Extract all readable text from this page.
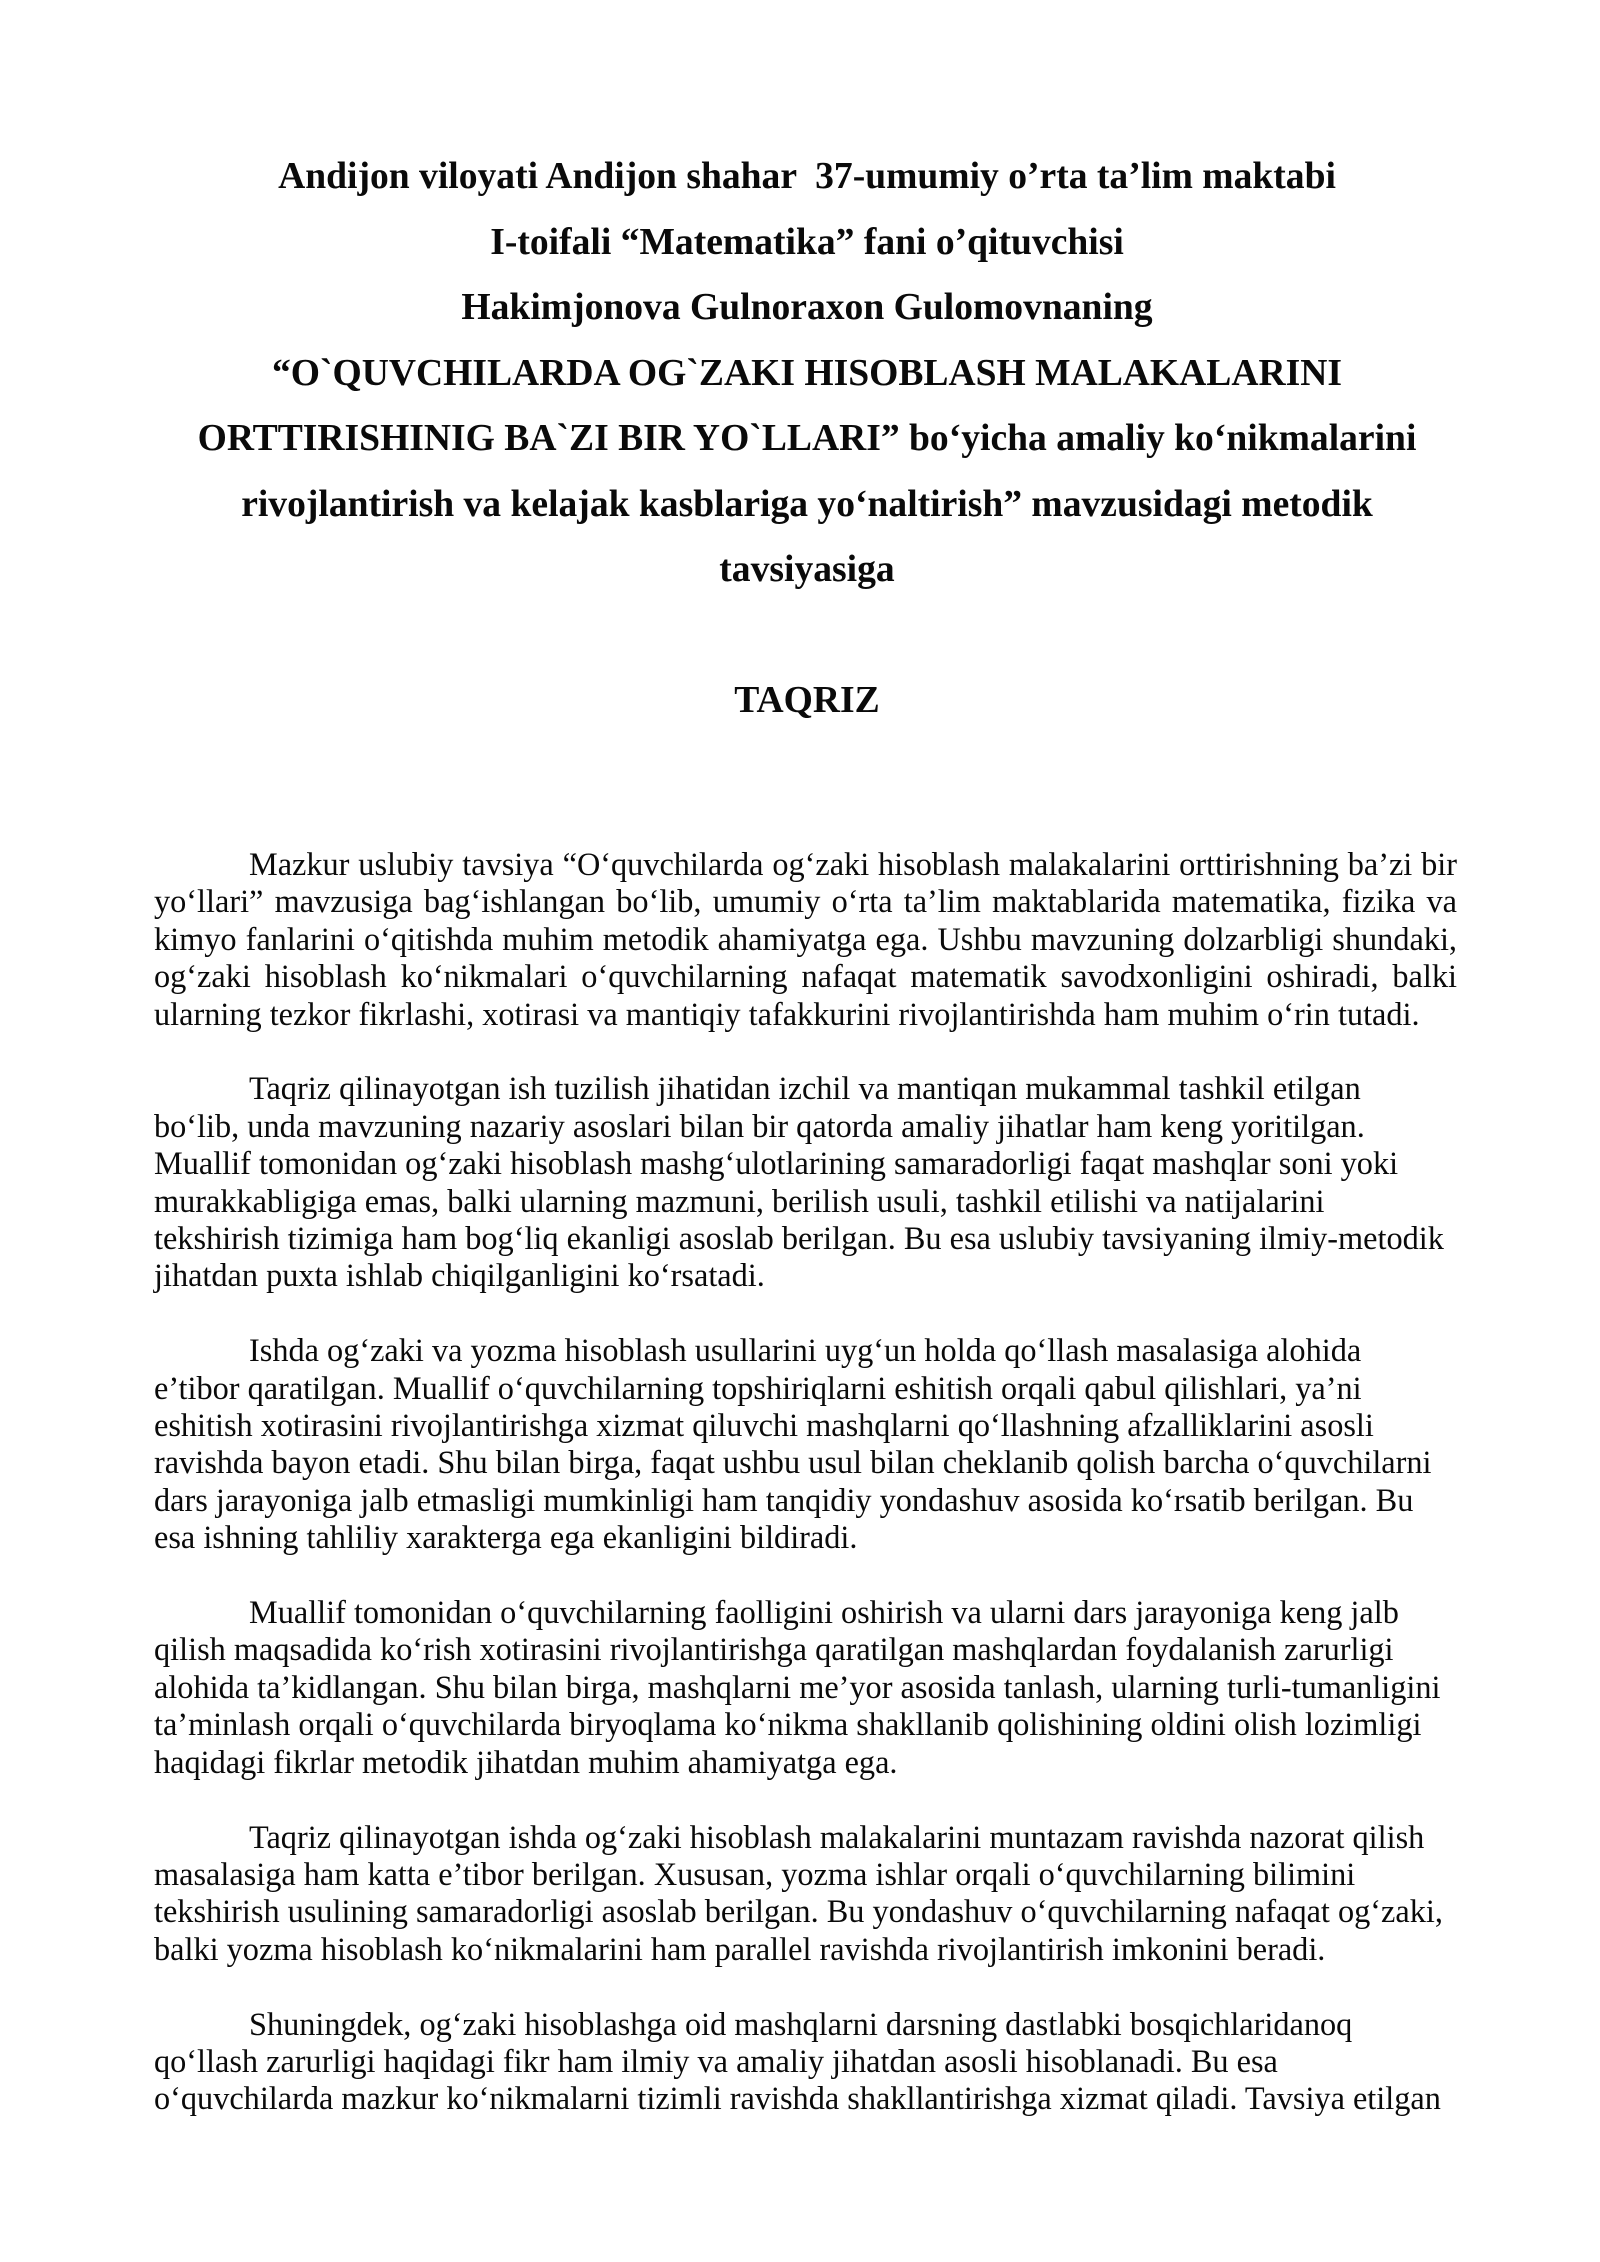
Andijon viloyati Andijon shahar  37-umumiy o’rta ta’lim maktabi
I-toifali “Matematika” fani o’qituvchisi
Hakimjonova Gulnoraxon Gulomovnaning
“O`QUVCHILARDA OG`ZAKI HISOBLASH MALAKALARINI
ORTTIRISHINIG BA`ZI BIR YO`LLARI” bo‘yicha amaliy ko‘nikmalarini
rivojlantirish va kelajak kasblariga yo‘naltirish” mavzusidagi metodik
tavsiyasiga
TAQRIZ
Mazkur uslubiy tavsiya “O‘quvchilarda og‘zaki hisoblash malakalarini orttirishning ba’zi bir
yo‘llari” mavzusiga bag‘ishlangan bo‘lib, umumiy o‘rta ta’lim maktablarida matematika, fizika va
kimyo fanlarini o‘qitishda muhim metodik ahamiyatga ega. Ushbu mavzuning dolzarbligi shundaki,
og‘zaki hisoblash ko‘nikmalari o‘quvchilarning nafaqat matematik savodxonligini oshiradi, balki
ularning tezkor fikrlashi, xotirasi va mantiqiy tafakkurini rivojlantirishda ham muhim o‘rin tutadi.
Taqriz qilinayotgan ish tuzilish jihatidan izchil va mantiqan mukammal tashkil etilgan
bo‘lib, unda mavzuning nazariy asoslari bilan bir qatorda amaliy jihatlar ham keng yoritilgan.
Muallif tomonidan og‘zaki hisoblash mashg‘ulotlarining samaradorligi faqat mashqlar soni yoki
murakkabligiga emas, balki ularning mazmuni, berilish usuli, tashkil etilishi va natijalarini
tekshirish tizimiga ham bog‘liq ekanligi asoslab berilgan. Bu esa uslubiy tavsiyaning ilmiy-metodik
jihatdan puxta ishlab chiqilganligini ko‘rsatadi.
Ishda og‘zaki va yozma hisoblash usullarini uyg‘un holda qo‘llash masalasiga alohida
e’tibor qaratilgan. Muallif o‘quvchilarning topshiriqlarni eshitish orqali qabul qilishlari, ya’ni
eshitish xotirasini rivojlantirishga xizmat qiluvchi mashqlarni qo‘llashning afzalliklarini asosli
ravishda bayon etadi. Shu bilan birga, faqat ushbu usul bilan cheklanib qolish barcha o‘quvchilarni
dars jarayoniga jalb etmasligi mumkinligi ham tanqidiy yondashuv asosida ko‘rsatib berilgan. Bu
esa ishning tahliliy xarakterga ega ekanligini bildiradi.
Muallif tomonidan o‘quvchilarning faolligini oshirish va ularni dars jarayoniga keng jalb
qilish maqsadida ko‘rish xotirasini rivojlantirishga qaratilgan mashqlardan foydalanish zarurligi
alohida ta’kidlangan. Shu bilan birga, mashqlarni me’yor asosida tanlash, ularning turli-tumanligini
ta’minlash orqali o‘quvchilarda biryoqlama ko‘nikma shakllanib qolishining oldini olish lozimligi
haqidagi fikrlar metodik jihatdan muhim ahamiyatga ega.
Taqriz qilinayotgan ishda og‘zaki hisoblash malakalarini muntazam ravishda nazorat qilish
masalasiga ham katta e’tibor berilgan. Xususan, yozma ishlar orqali o‘quvchilarning bilimini
tekshirish usulining samaradorligi asoslab berilgan. Bu yondashuv o‘quvchilarning nafaqat og‘zaki,
balki yozma hisoblash ko‘nikmalarini ham parallel ravishda rivojlantirish imkonini beradi.
Shuningdek, og‘zaki hisoblashga oid mashqlarni darsning dastlabki bosqichlaridanoq
qo‘llash zarurligi haqidagi fikr ham ilmiy va amaliy jihatdan asosli hisoblanadi. Bu esa
o‘quvchilarda mazkur ko‘nikmalarni tizimli ravishda shakllantirishga xizmat qiladi. Tavsiya etilgan
